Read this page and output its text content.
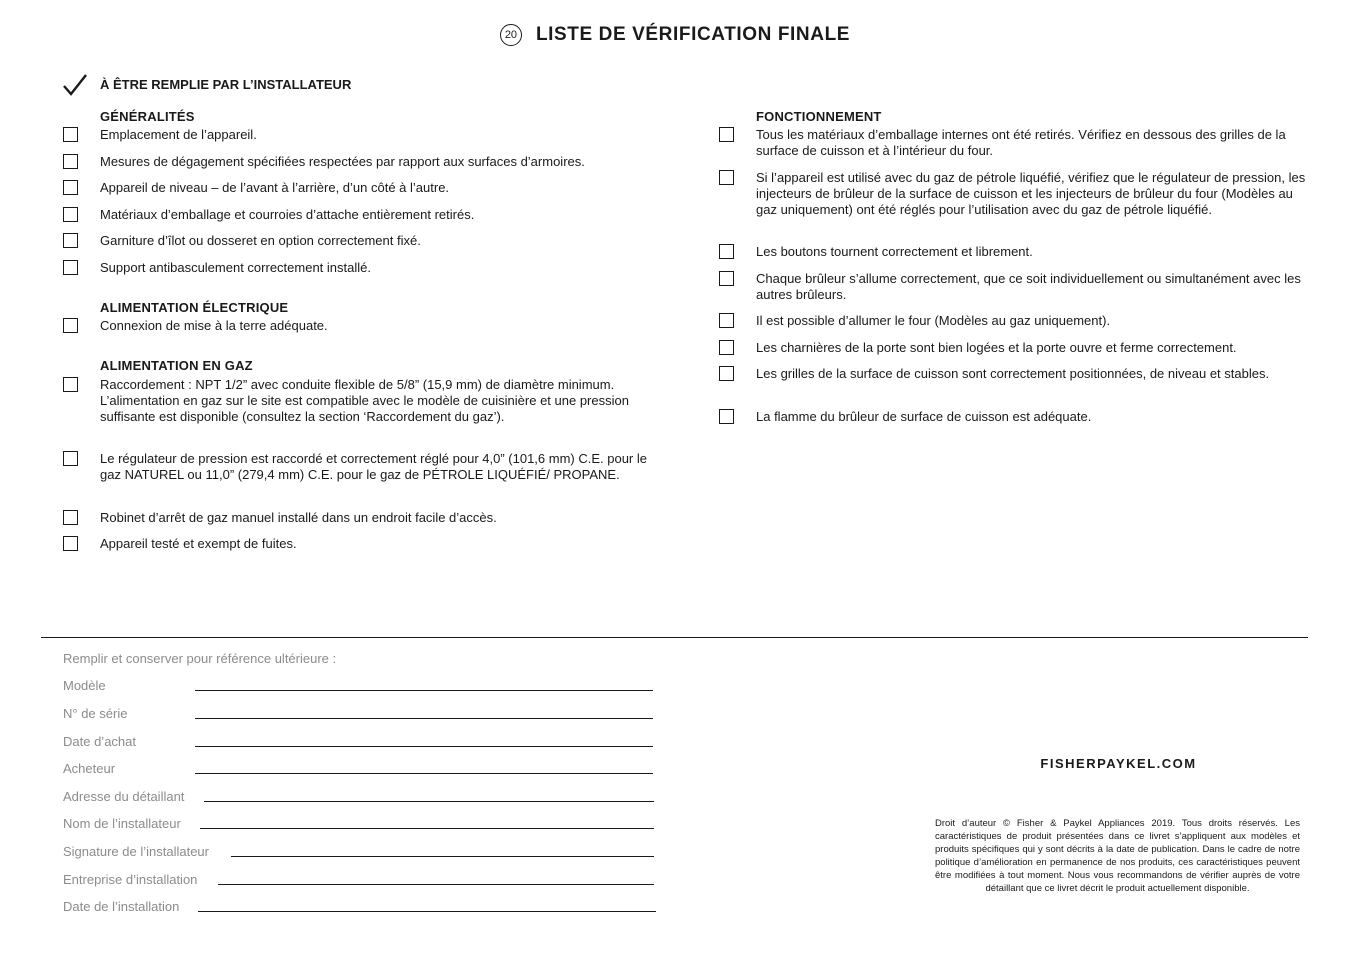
20 LISTE DE VÉRIFICATION FINALE
À ÊTRE REMPLIE PAR L’INSTALLATEUR
GÉNÉRALITÉS
ALIMENTATION ÉLECTRIQUE
ALIMENTATION EN GAZ
FONCTIONNEMENT
Emplacement de l’appareil.
Mesures de dégagement spécifiées respectées par rapport aux surfaces d’armoires.
Appareil de niveau – de l’avant à l’arrière, d’un côté à l’autre.
Matériaux d’emballage et courroies d’attache entièrement retirés.
Garniture d’îlot ou dosseret en option correctement fixé.
Support antibasculement correctement installé.
Connexion de mise à la terre adéquate.
Raccordement : NPT 1/2” avec conduite flexible de 5/8” (15,9 mm) de diamètre minimum.
L’alimentation en gaz sur le site est compatible avec le modèle de cuisinière et une pression suffisante est disponible (consultez la section ‘Raccordement du gaz’).
Le régulateur de pression est raccordé et correctement réglé pour 4,0” (101,6 mm) C.E. pour le gaz NATUREL ou 11,0” (279,4 mm) C.E. pour le gaz de PÉTROLE LIQUÉFIÉ/ PROPANE.
Robinet d’arrêt de gaz manuel installé dans un endroit facile d’accès.
Appareil testé et exempt de fuites.
Tous les matériaux d’emballage internes ont été retirés. Vérifiez en dessous des grilles de la surface de cuisson et à l’intérieur du four.
Si l’appareil est utilisé avec du gaz de pétrole liquéfié, vérifiez que le régulateur de pression, les injecteurs de brûleur de la surface de cuisson et les injecteurs de brûleur du four (Modèles au gaz uniquement) ont été réglés pour l’utilisation avec du gaz de pétrole liquéfié.
Les boutons tournent correctement et librement.
Chaque brûleur s’allume correctement, que ce soit individuellement ou simultanément avec les autres brûleurs.
Il est possible d’allumer le four (Modèles au gaz uniquement).
Les charnières de la porte sont bien logées et la porte ouvre et ferme correctement.
Les grilles de la surface de cuisson sont correctement positionnées, de niveau et stables.
La flamme du brûleur de surface de cuisson est adéquate.
Remplir et conserver pour référence ultérieure :
Modèle
N° de série
Date d’achat
Acheteur
Adresse du détaillant
Nom de l’installateur
Signature de l’installateur
Entreprise d’installation
Date de l’installation
FISHERPAYKEL.COM
Droit d’auteur © Fisher & Paykel Appliances 2019. Tous droits réservés. Les caractéristiques de produit présentées dans ce livret s’appliquent aux modèles et produits spécifiques qui y sont décrits à la date de publication. Dans le cadre de notre politique d’amélioration en permanence de nos produits, ces caractéristiques peuvent être modifiées à tout moment. Nous vous recommandons de vérifier auprès de votre détaillant que ce livret décrit le produit actuellement disponible.
